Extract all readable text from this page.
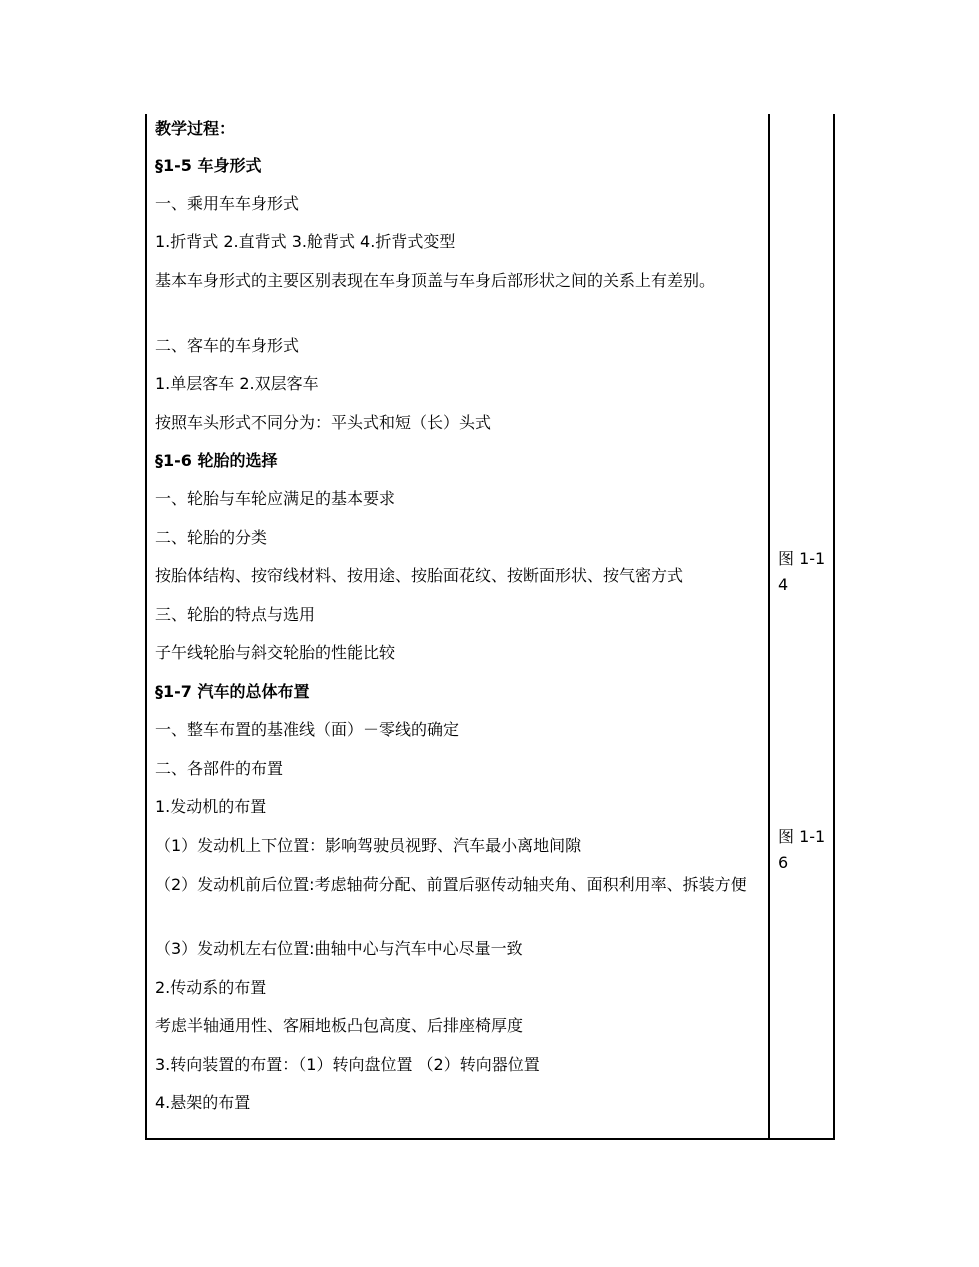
教学过程：
§1-5 车身形式
一、乘用车车身形式
1.折背式 2.直背式 3.舱背式 4.折背式变型
基本车身形式的主要区别表现在车身顶盖与车身后部形状之间的关系上有差别。
二、客车的车身形式
1.单层客车 2.双层客车
按照车头形式不同分为：平头式和短（长）头式
§1-6 轮胎的选择
一、轮胎与车轮应满足的基本要求
二、轮胎的分类
按胎体结构、按帘线材料、按用途、按胎面花纹、按断面形状、按气密方式
三、轮胎的特点与选用
子午线轮胎与斜交轮胎的性能比较
§1-7 汽车的总体布置
一、整车布置的基准线（面）－零线的确定
二、各部件的布置
1.发动机的布置
（1）发动机上下位置：影响驾驶员视野、汽车最小离地间隙
（2）发动机前后位置:考虑轴荷分配、前置后驱传动轴夹角、面积利用率、拆装方便
（3）发动机左右位置:曲轴中心与汽车中心尽量一致
2.传动系的布置
考虑半轴通用性、客厢地板凸包高度、后排座椅厚度
3.转向装置的布置：（1）转向盘位置 （2）转向器位置
4.悬架的布置
图 1-14
图 1-16
